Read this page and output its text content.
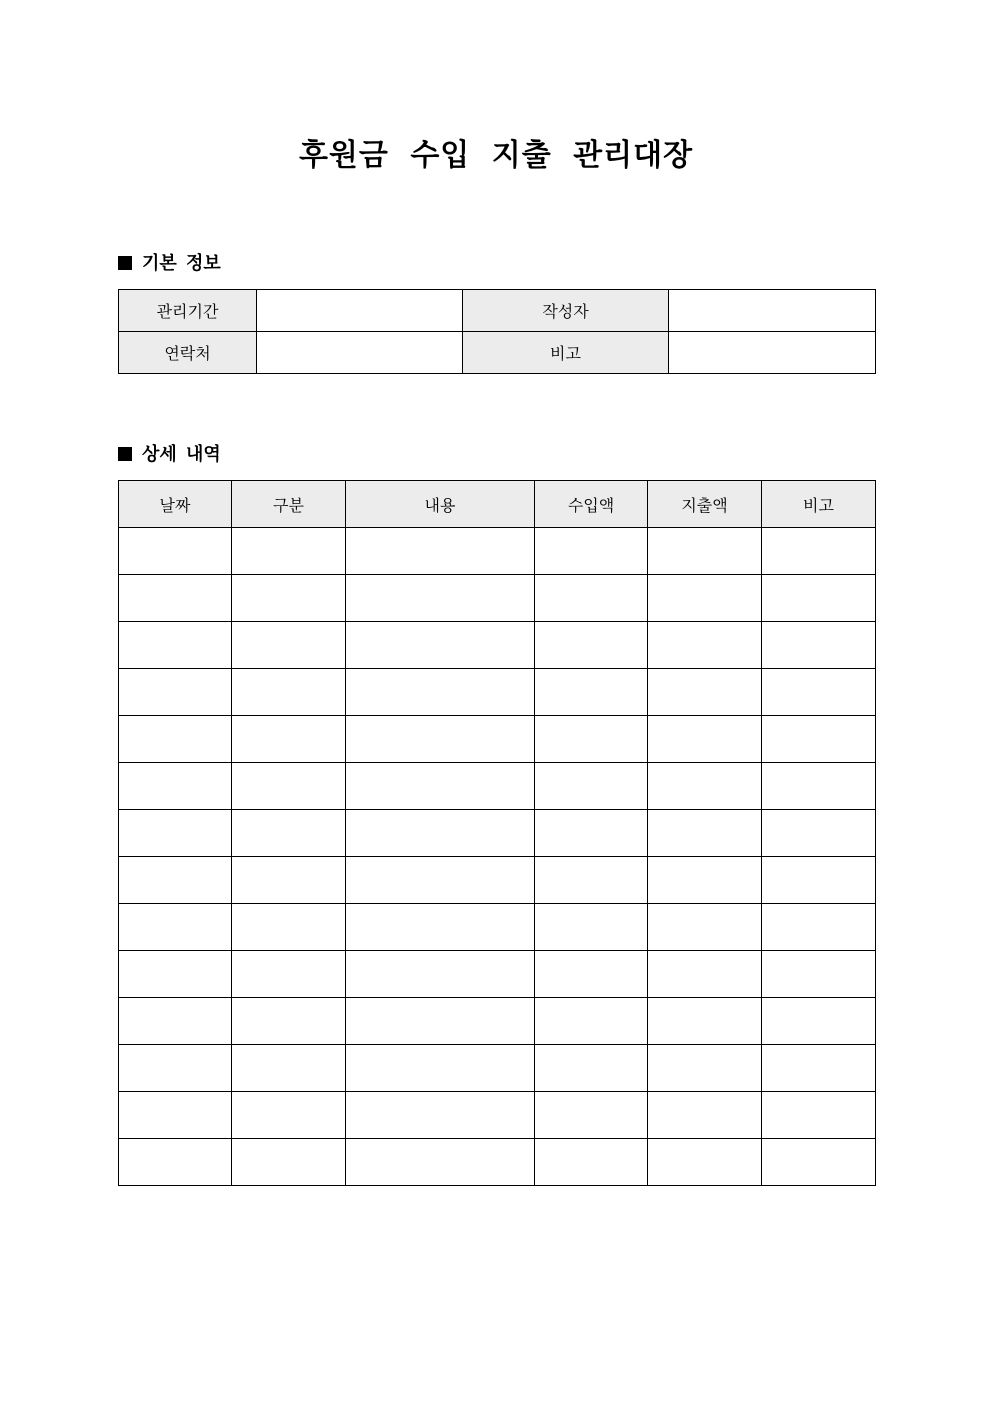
후원금 수입 지출 관리대장
기본 정보
관리기간		작성자	
연락처		비고	
상세 내역
날짜	구분	내용	수입액	지출액	비고
